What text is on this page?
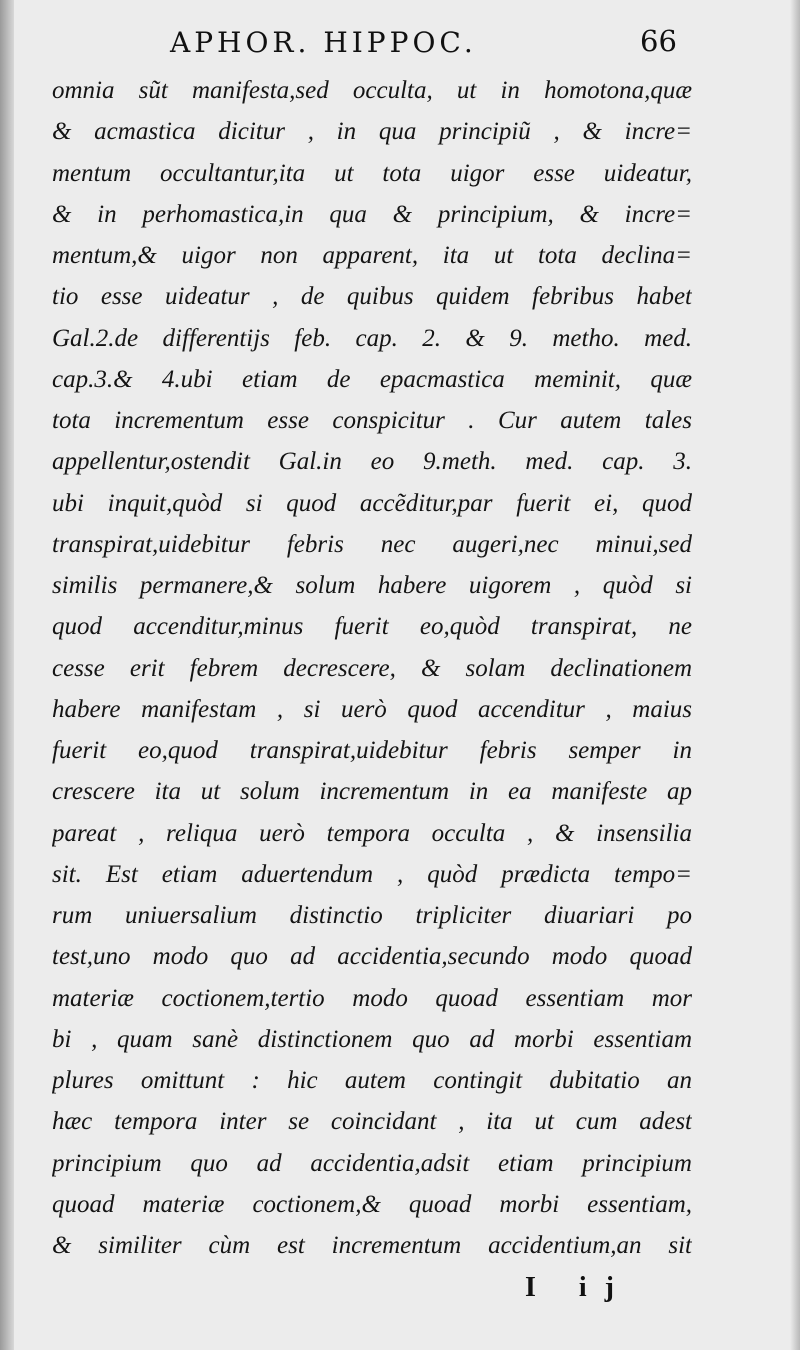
APHOR. HIPPOC.	66
omnia sũt manifesta,sed occulta, ut in homotona,quæ
& acmastica dicitur , in qua principiũ , & incre=
mentum occultantur,ita ut tota uigor esse uideatur,
& in perhomastica,in qua & principium, & incre=
mentum,& uigor non apparent, ita ut tota declina=
tio esse uideatur , de quibus quidem febribus habet
Gal.2.de differentijs feb. cap. 2. & 9. metho. med.
cap.3.& 4.ubi etiam de epacmastica meminit, quæ
tota incrementum esse conspicitur . Cur autem tales
appellentur,ostendit Gal.in eo 9.meth. med. cap. 3.
ubi inquit,quòd si quod accẽditur,par fuerit ei, quod
transpirat,uidebitur febris nec augeri,nec minui,sed
similis permanere,& solum habere uigorem , quòd si
quod accenditur,minus fuerit eo,quòd transpirat, ne
cesse erit febrem decrescere, & solam declinationem
habere manifestam , si uerò quod accenditur , maius
fuerit eo,quod transpirat,uidebitur febris semper in
crescere ita ut solum incrementum in ea manifeste ap
pareat , reliqua uerò tempora occulta , & insensilia
sit. Est etiam aduertendum , quòd prædicta tempo=
rum uniuersalium distinctio tripliciter diuariari po
test,uno modo quo ad accidentia,secundo modo quoad
materiæ coctionem,tertio modo quoad essentiam mor
bi , quam sanè distinctionem quo ad morbi essentiam
plures omittunt : hic autem contingit dubitatio an
hæc tempora inter se coincidant , ita ut cum adest
principium quo ad accidentia,adsit etiam principium
quoad materiæ coctionem,& quoad morbi essentiam,
& similiter cùm est incrementum accidentium,an sit
I ij
